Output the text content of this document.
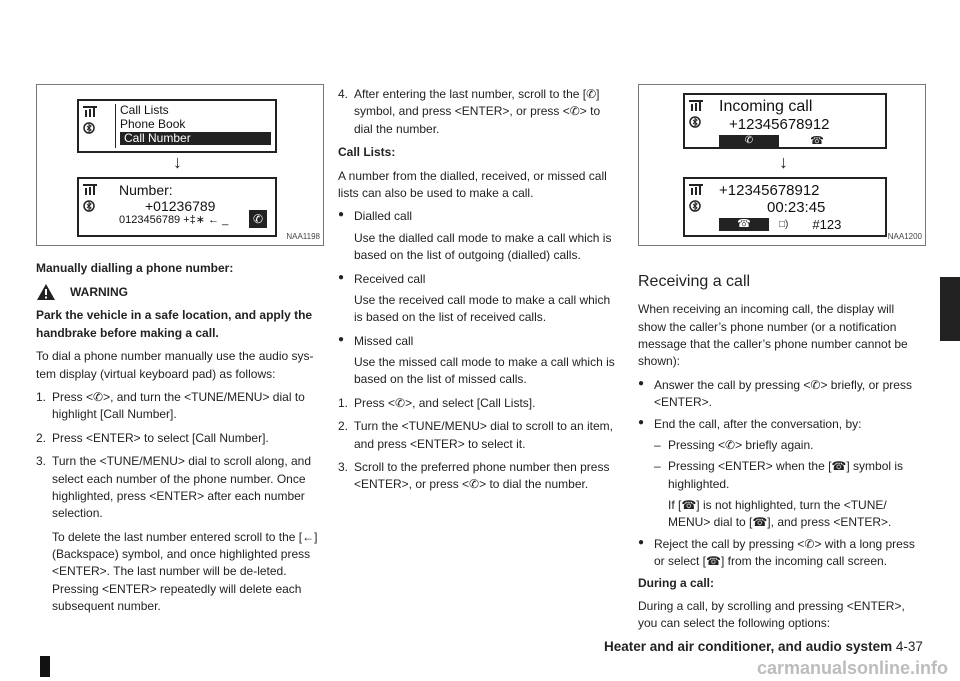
Call Lists
Phone Book
Call Number
↓

Number:
+01236789
0123456789 +‡∗ ← _	✆
NAA1198

Manually dialling a phone number:

WARNING

Park the vehicle in a safe location, and apply the handbrake before making a call.

To dial a phone number manually use the audio sys-tem display (virtual keyboard pad) as follows:

1. Press <✆>, and turn the <TUNE/MENU> dial to highlight [Call Number].
2. Press <ENTER> to select [Call Number].
3. Turn the <TUNE/MENU> dial to scroll along, and select each number of the phone number. Once highlighted, press <ENTER> after each number selection.

To delete the last number entered scroll to the [←] (Backspace) symbol, and once highlighted press <ENTER>. The last number will be de-leted. Pressing <ENTER> repeatedly will delete each subsequent number.

4. After entering the last number, scroll to the [✆] symbol, and press <ENTER>, or press <✆> to dial the number.

Call Lists:

A number from the dialled, received, or missed call lists can also be used to make a call.

● Dialled call

Use the dialled call mode to make a call which is based on the list of outgoing (dialled) calls.

● Received call

Use the received call mode to make a call which is based on the list of received calls.

● Missed call

Use the missed call mode to make a call which is based on the list of missed calls.

1. Press <✆>, and select [Call Lists].
2. Turn the <TUNE/MENU> dial to scroll to an item, and press <ENTER> to select it.
3. Scroll to the preferred phone number then press <ENTER>, or press <✆> to dial the number.

Incoming call
+12345678912
✆	☎
↓

+12345678912
00:23:45
☎	□) #123
NAA1200
Receiving a call

When receiving an incoming call, the display will show the caller’s phone number (or a notification message that the caller’s phone number cannot be shown):

● Answer the call by pressing <✆> briefly, or press <ENTER>.
● End the call, after the conversation, by:
– Pressing <✆> briefly again.
– Pressing <ENTER> when the [☎] symbol is highlighted.

If [☎] is not highlighted, turn the <TUNE/ MENU> dial to [☎], and press <ENTER>.

● Reject the call by pressing <✆> with a long press or select [☎] from the incoming call screen.

During a call:

During a call, by scrolling and pressing <ENTER>, you can select the following options:

Heater and air conditioner, and audio system 4-37
carmanualsonline.info
